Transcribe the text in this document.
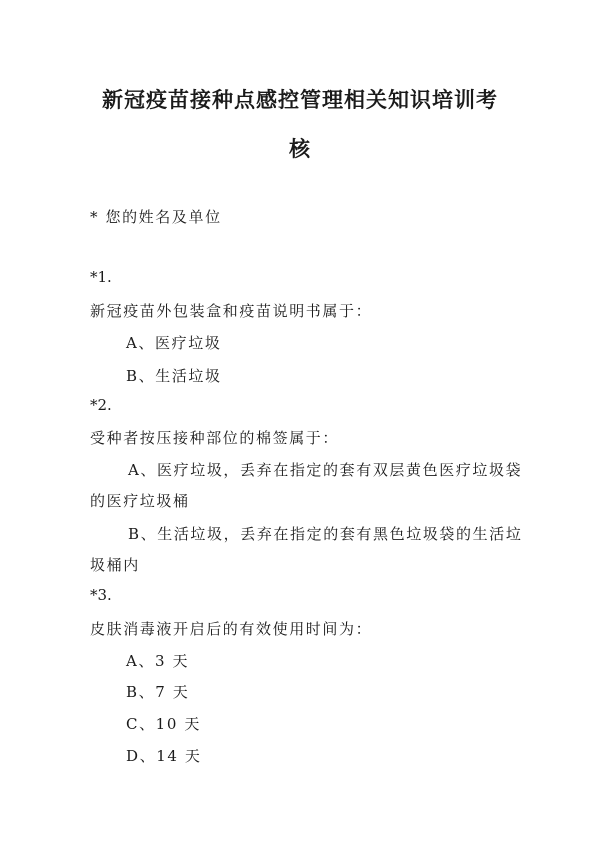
新冠疫苗接种点感控管理相关知识培训考
核
* 您的姓名及单位
*1.
新冠疫苗外包装盒和疫苗说明书属于：
A、医疗垃圾
B、生活垃圾
*2.
受种者按压接种部位的棉签属于：
A、医疗垃圾，丢弃在指定的套有双层黄色医疗垃圾袋
的医疗垃圾桶
B、生活垃圾，丢弃在指定的套有黑色垃圾袋的生活垃
圾桶内
*3.
皮肤消毒液开启后的有效使用时间为：
A、3 天
B、7 天
C、10 天
D、14 天
